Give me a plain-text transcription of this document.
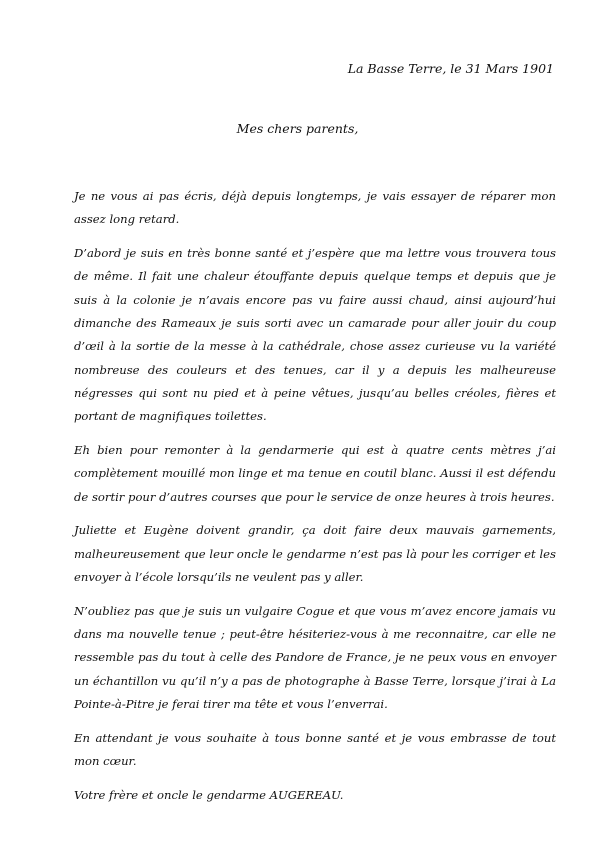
La Basse Terre, le 31 Mars 1901
Mes chers parents,

Je ne vous ai pas écris, déjà depuis longtemps, je vais essayer de réparer mon assez long retard.

D’abord je suis en très bonne santé et j’espère que ma lettre vous trouvera tous de même. Il fait une chaleur étouffante depuis quelque temps et depuis que je suis à la colonie je n’avais encore pas vu faire aussi chaud, ainsi aujourd’hui dimanche des Rameaux je suis sorti avec un camarade pour aller jouir du coup d’œil à la sortie de la messe à la cathédrale, chose assez curieuse vu la variété nombreuse des couleurs et des tenues, car il y a depuis les malheureuse négresses qui sont nu pied et à peine vêtues, jusqu’au belles créoles, fières et portant de magnifiques toilettes.

Eh bien pour remonter à la gendarmerie qui est à quatre cents mètres j’ai complètement mouillé mon linge et ma tenue en coutil blanc. Aussi il est défendu de sortir pour d’autres courses que pour le service de onze heures à trois heures.

Juliette et Eugène doivent grandir, ça doit faire deux mauvais garnements, malheureusement que leur oncle le gendarme n’est pas là pour les corriger et les envoyer à l’école lorsqu’ils ne veulent pas y aller.

N’oubliez pas que je suis un vulgaire Cogue et que vous m’avez encore jamais vu dans ma nouvelle tenue ; peut-être hésiteriez-vous à me reconnaitre, car elle ne ressemble pas du tout à celle des Pandore de France, je ne peux vous en envoyer un échantillon vu qu’il n’y a pas de photographe à Basse Terre, lorsque j’irai à La Pointe-à-Pitre je ferai tirer ma tête et vous l’enverrai.

En attendant je vous souhaite à tous bonne santé et je vous embrasse de tout mon cœur.

Votre frère et oncle le gendarme AUGEREAU.
